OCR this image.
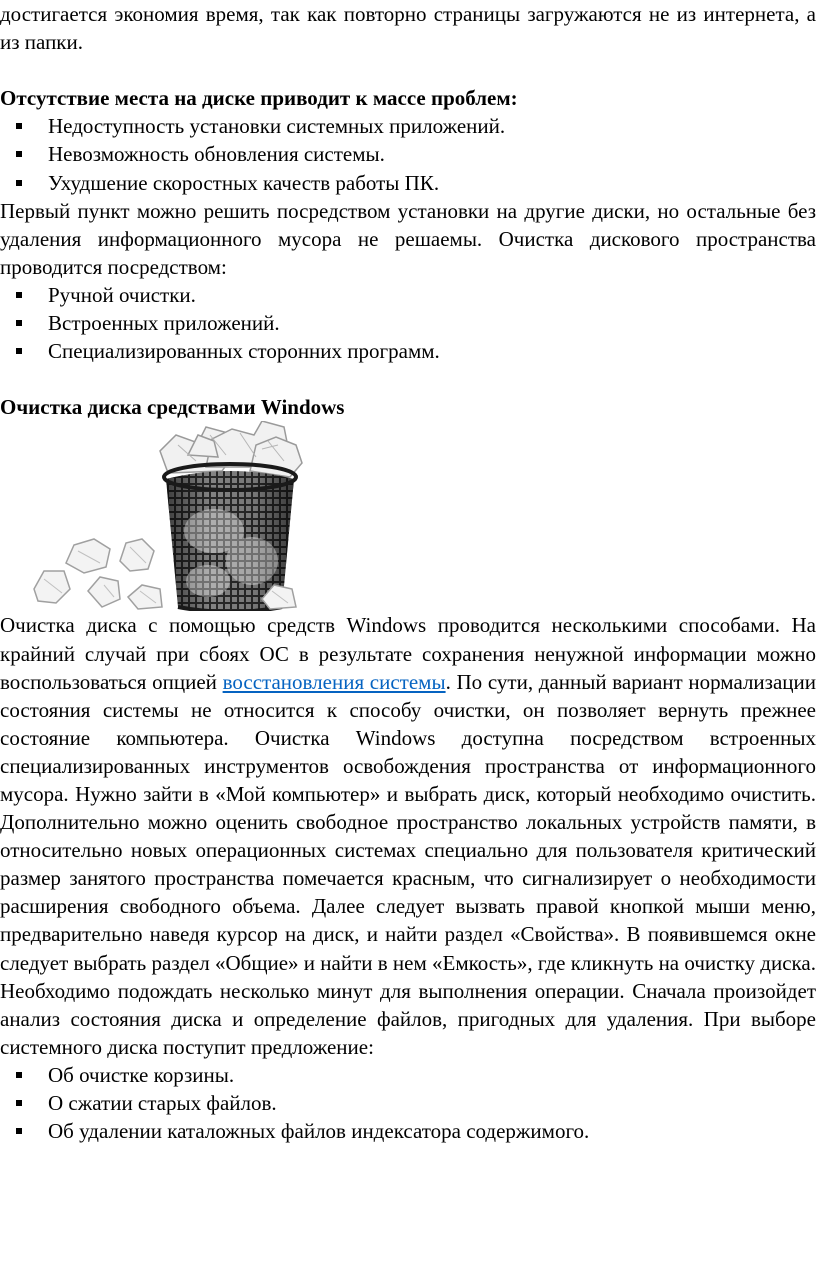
достигается экономия время, так как повторно страницы загружаются не из интернета, а из папки.

Отсутствие места на диске приводит к массе проблем:

Недоступность установки системных приложений.
Невозможность обновления системы.
Ухудшение скоростных качеств работы ПК.

Первый пункт можно решить посредством установки на другие диски, но остальные без удаления информационного мусора не решаемы. Очистка дискового пространства проводится посредством:

Ручной очистки.
Встроенных приложений.
Специализированных сторонних программ.

Очистка диска средствами Windows

Очистка диска с помощью средств Windows проводится несколькими способами. На крайний случай при сбоях ОС в результате сохранения ненужной информации можно воспользоваться опцией восстановления системы. По сути, данный вариант нормализации состояния системы не относится к способу очистки, он позволяет вернуть прежнее состояние компьютера. Очистка Windows доступна посредством встроенных специализированных инструментов освобождения пространства от информационного мусора. Нужно зайти в «Мой компьютер» и выбрать диск, который необходимо очистить. Дополнительно можно оценить свободное пространство локальных устройств памяти, в относительно новых операционных системах специально для пользователя критический размер занятого пространства помечается красным, что сигнализирует о необходимости расширения свободного объема. Далее следует вызвать правой кнопкой мыши меню, предварительно наведя курсор на диск, и найти раздел «Свойства». В появившемся окне следует выбрать раздел «Общие» и найти в нем «Емкость», где кликнуть на очистку диска. Необходимо подождать несколько минут для выполнения операции. Сначала произойдет анализ состояния диска и определение файлов, пригодных для удаления. При выборе системного диска поступит предложение:

Об очистке корзины.
О сжатии старых файлов.
Об удалении каталожных файлов индексатора содержимого.
